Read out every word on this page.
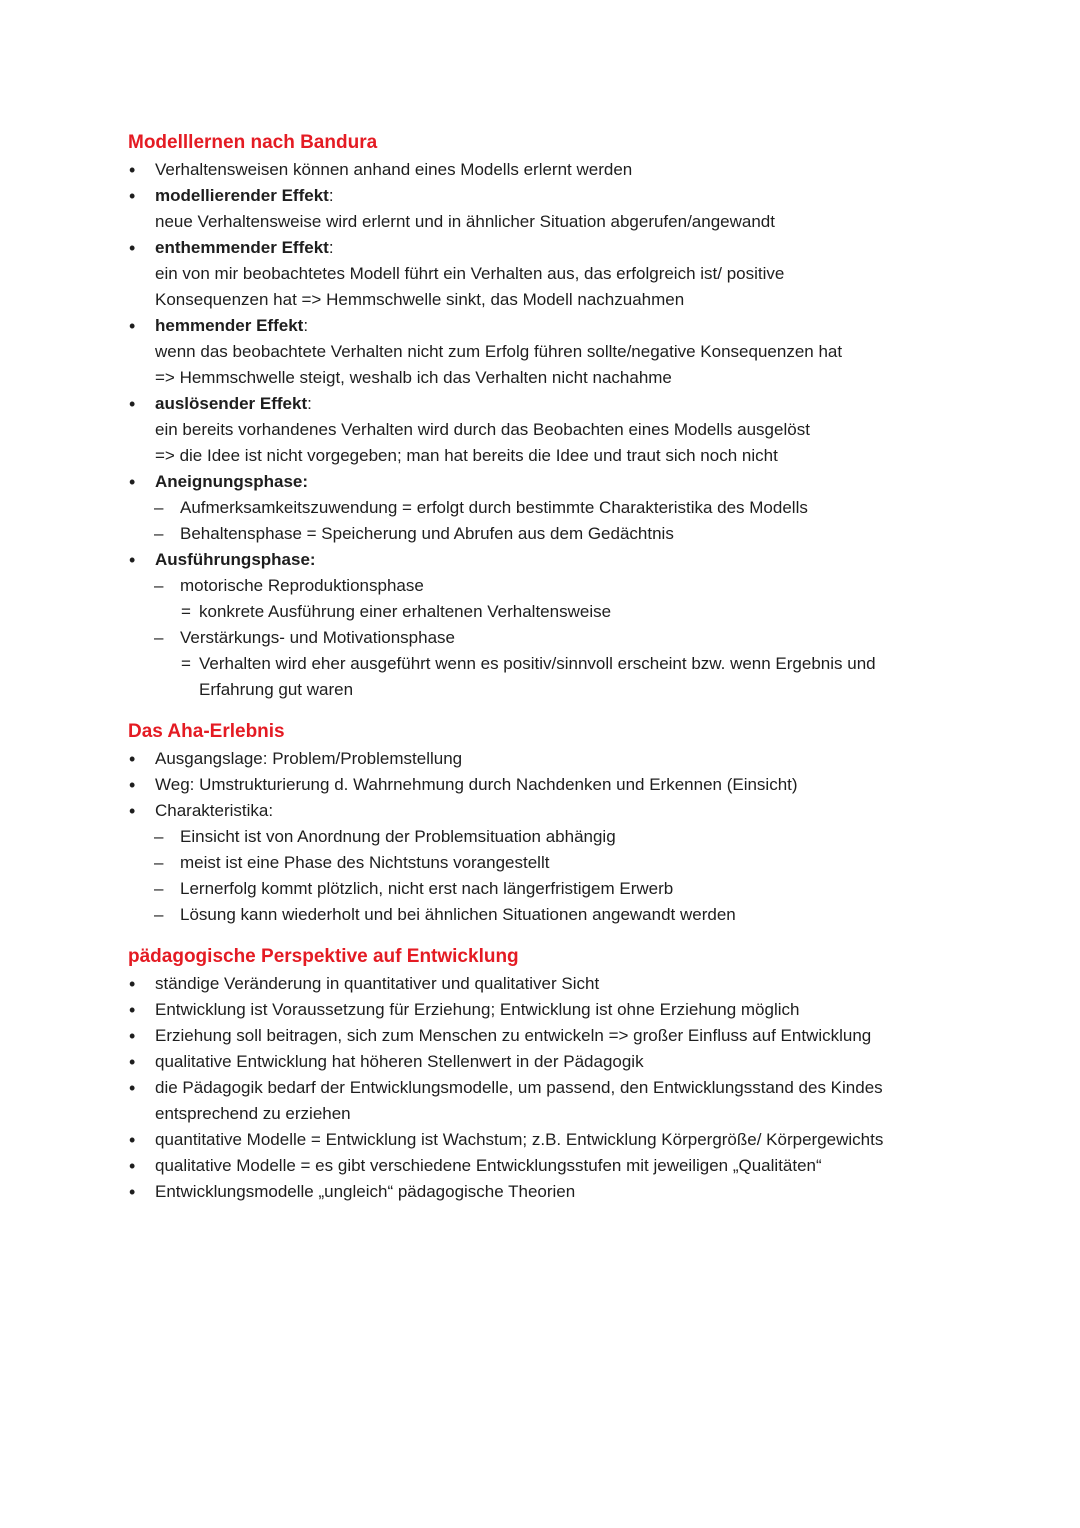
Modelllernen nach Bandura
• Verhaltensweisen können anhand eines Modells erlernt werden
• modellierender Effekt:
neue Verhaltensweise wird erlernt und in ähnlicher Situation abgerufen/angewandt
• enthemmender Effekt:
ein von mir beobachtetes Modell führt ein Verhalten aus, das erfolgreich ist/ positive
Konsequenzen hat => Hemmschwelle sinkt, das Modell nachzuahmen
• hemmender Effekt:
wenn das beobachtete Verhalten nicht zum Erfolg führen sollte/negative Konsequenzen hat
=> Hemmschwelle steigt, weshalb ich das Verhalten nicht nachahme
• auslösender Effekt:
ein bereits vorhandenes Verhalten wird durch das Beobachten eines Modells ausgelöst
=> die Idee ist nicht vorgegeben; man hat bereits die Idee und traut sich noch nicht
• Aneignungsphase:
– Aufmerksamkeitszuwendung = erfolgt durch bestimmte Charakteristika des Modells
– Behaltensphase = Speicherung und Abrufen aus dem Gedächtnis
• Ausführungsphase:
– motorische Reproduktionsphase
= konkrete Ausführung einer erhaltenen Verhaltensweise
– Verstärkungs- und Motivationsphase
= Verhalten wird eher ausgeführt wenn es positiv/sinnvoll erscheint bzw. wenn Ergebnis und
Erfahrung gut waren
Das Aha-Erlebnis
• Ausgangslage: Problem/Problemstellung
• Weg: Umstrukturierung d. Wahrnehmung durch Nachdenken und Erkennen (Einsicht)
• Charakteristika:
– Einsicht ist von Anordnung der Problemsituation abhängig
– meist ist eine Phase des Nichtstuns vorangestellt
– Lernerfolg kommt plötzlich, nicht erst nach längerfristigem Erwerb
– Lösung kann wiederholt und bei ähnlichen Situationen angewandt werden
pädagogische Perspektive auf Entwicklung
• ständige Veränderung in quantitativer und qualitativer Sicht
• Entwicklung ist Voraussetzung für Erziehung; Entwicklung ist ohne Erziehung möglich
• Erziehung soll beitragen, sich zum Menschen zu entwickeln => großer Einfluss auf Entwicklung
• qualitative Entwicklung hat höheren Stellenwert in der Pädagogik
• die Pädagogik bedarf der Entwicklungsmodelle, um passend, den Entwicklungsstand des Kindes
entsprechend zu erziehen
• quantitative Modelle = Entwicklung ist Wachstum; z.B. Entwicklung Körpergröße/ Körpergewichts
• qualitative Modelle = es gibt verschiedene Entwicklungsstufen mit jeweiligen „Qualitäten“
• Entwicklungsmodelle „ungleich“ pädagogische Theorien
